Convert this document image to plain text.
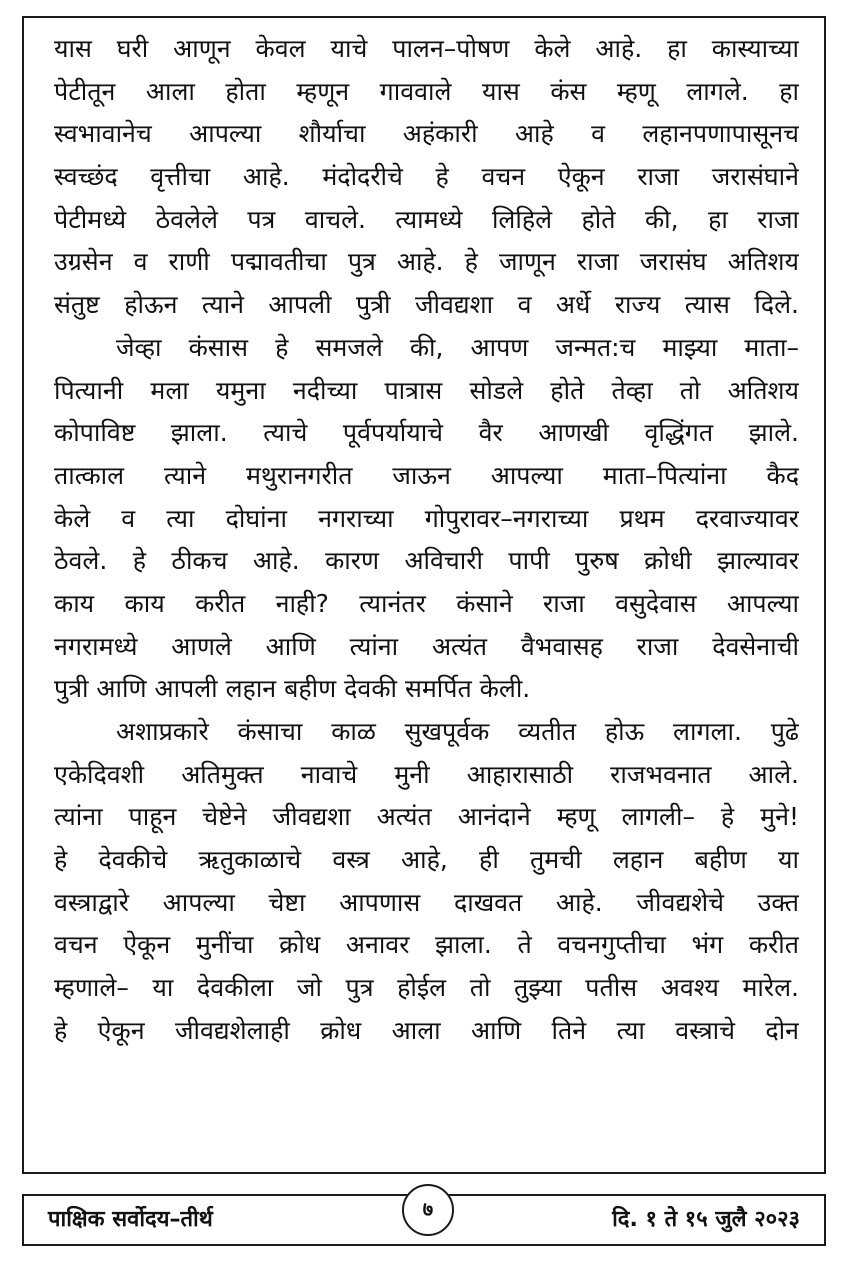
यास घरी आणून केवल याचे पालन–पोषण केले आहे. हा कास्याच्या
पेटीतून आला होता म्हणून गाववाले यास कंस म्हणू लागले. हा
स्वभावानेच आपल्या शौर्याचा अहंकारी आहे व लहानपणापासूनच
स्वच्छंद वृत्तीचा आहे. मंदोदरीचे हे वचन ऐकून राजा जरासंघाने
पेटीमध्ये ठेवलेले पत्र वाचले. त्यामध्ये लिहिले होते की, हा राजा
उग्रसेन व राणी पद्मावतीचा पुत्र आहे. हे जाणून राजा जरासंघ अतिशय
संतुष्ट होऊन त्याने आपली पुत्री जीवद्यशा व अर्धे राज्य त्यास दिले.
जेव्हा कंसास हे समजले की, आपण जन्मत:च माझ्या माता–
पित्यानी मला यमुना नदीच्या पात्रास सोडले होते तेव्हा तो अतिशय
कोपाविष्ट झाला. त्याचे पूर्वपर्यायाचे वैर आणखी वृद्धिंगत झाले.
तात्काल त्याने मथुरानगरीत जाऊन आपल्या माता–पित्यांना कैद
केले व त्या दोघांना नगराच्या गोपुरावर–नगराच्या प्रथम दरवाज्यावर
ठेवले. हे ठीकच आहे. कारण अविचारी पापी पुरुष क्रोधी झाल्यावर
काय काय करीत नाही? त्यानंतर कंसाने राजा वसुदेवास आपल्या
नगरामध्ये आणले आणि त्यांना अत्यंत वैभवासह राजा देवसेनाची
पुत्री आणि आपली लहान बहीण देवकी समर्पित केली.
अशाप्रकारे कंसाचा काळ सुखपूर्वक व्यतीत होऊ लागला. पुढे
एकेदिवशी अतिमुक्त नावाचे मुनी आहारासाठी राजभवनात आले.
त्यांना पाहून चेष्टेने जीवद्यशा अत्यंत आनंदाने म्हणू लागली– हे मुने!
हे देवकीचे ऋतुकाळाचे वस्त्र आहे, ही तुमची लहान बहीण या
वस्त्राद्वारे आपल्या चेष्टा आपणास दाखवत आहे. जीवद्यशेचे उक्त
वचन ऐकून मुनींचा क्रोध अनावर झाला. ते वचनगुप्तीचा भंग करीत
म्हणाले– या देवकीला जो पुत्र होईल तो तुझ्या पतीस अवश्य मारेल.
हे ऐकून जीवद्यशेलाही क्रोध आला आणि तिने त्या वस्त्राचे दोन
पाक्षिक सर्वोदय–तीर्थ	७	दि. १ ते १५ जुलै २०२३
